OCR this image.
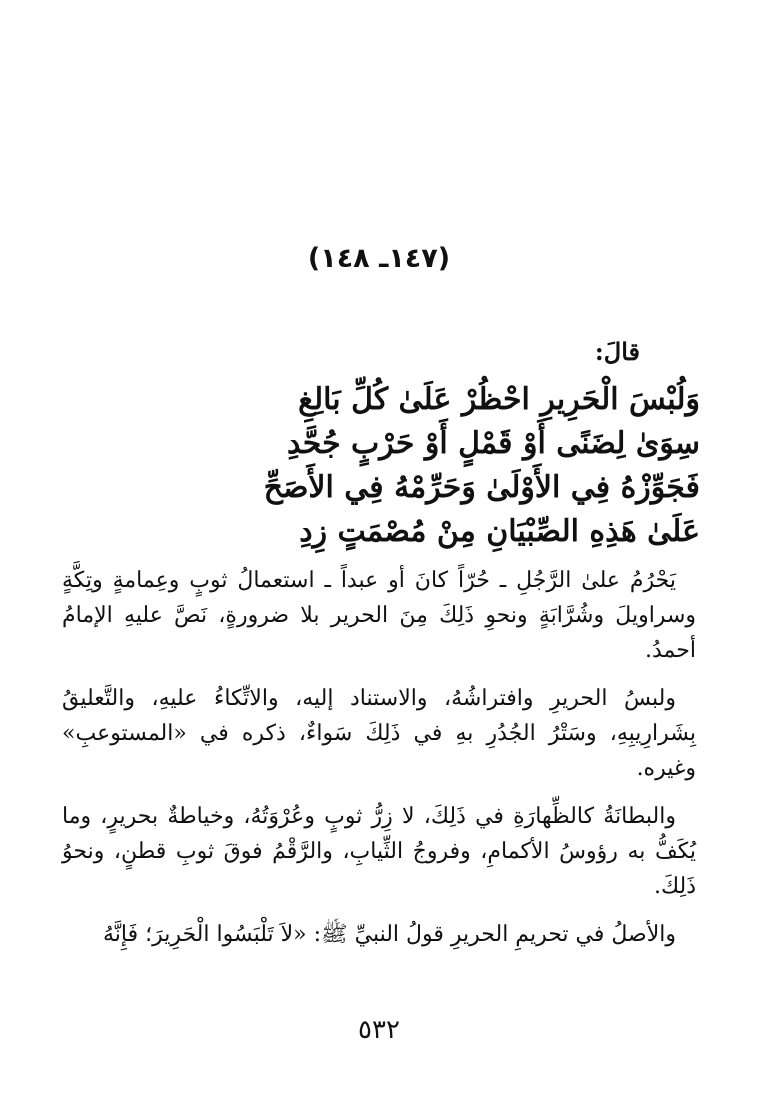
(١٤٧ـ ١٤٨)
قالَ:
وَلُبْسَ الْحَرِيرِ احْظُرْ عَلَىٰ كُلِّ بَالِغِ
سِوَىٰ لِضَنًى أَوْ قَمْلٍ أَوْ حَرْبٍ جُحَّدِ
فَجَوِّزْهُ فِي الأَوْلَىٰ وَحَرِّمْهُ فِي الأَصَحِّ
عَلَىٰ هَذِهِ الصِّبْيَانِ مِنْ مُصْمَتٍ زِدِ

يَحْرُمُ علىٰ الرَّجُلِ ـ حُرّاً كانَ أو عبداً ـ استعمالُ ثوبٍ وعِمامةٍ وتِكَّةٍ وسراويلَ وشُرَّابَةٍ ونحوِ ذَلِكَ مِنَ الحرير بلا ضرورةٍ، نَصَّ عليهِ الإمامُ أحمدُ.

ولبسُ الحريرِ وافتراشُهُ، والاستناد إليه، والاتِّكاءُ عليهِ، والتَّعليقُ بِشَرارِيبِهِ، وسَتْرُ الجُدُرِ بهِ في ذَلِكَ سَواءٌ، ذكره في «المستوعبِ» وغيره.

والبطانَةُ كالظِّهارَةِ في ذَلِكَ، لا زِرُّ ثوبٍ وعُرْوَتُهُ، وخياطةٌ بحريرٍ، وما يُكَفُّ به رؤوسُ الأكمامِ، وفروجُ الثِّيابِ، والرَّقْمُ فوقَ ثوبِ قطنٍ، ونحوُ ذَلِكَ.

والأصلُ في تحريمِ الحريرِ قولُ النبيِّ ﷺ: «لاَ تَلْبَسُوا الْحَرِيرَ؛ فَإِنَّهُ

٥٣٢
